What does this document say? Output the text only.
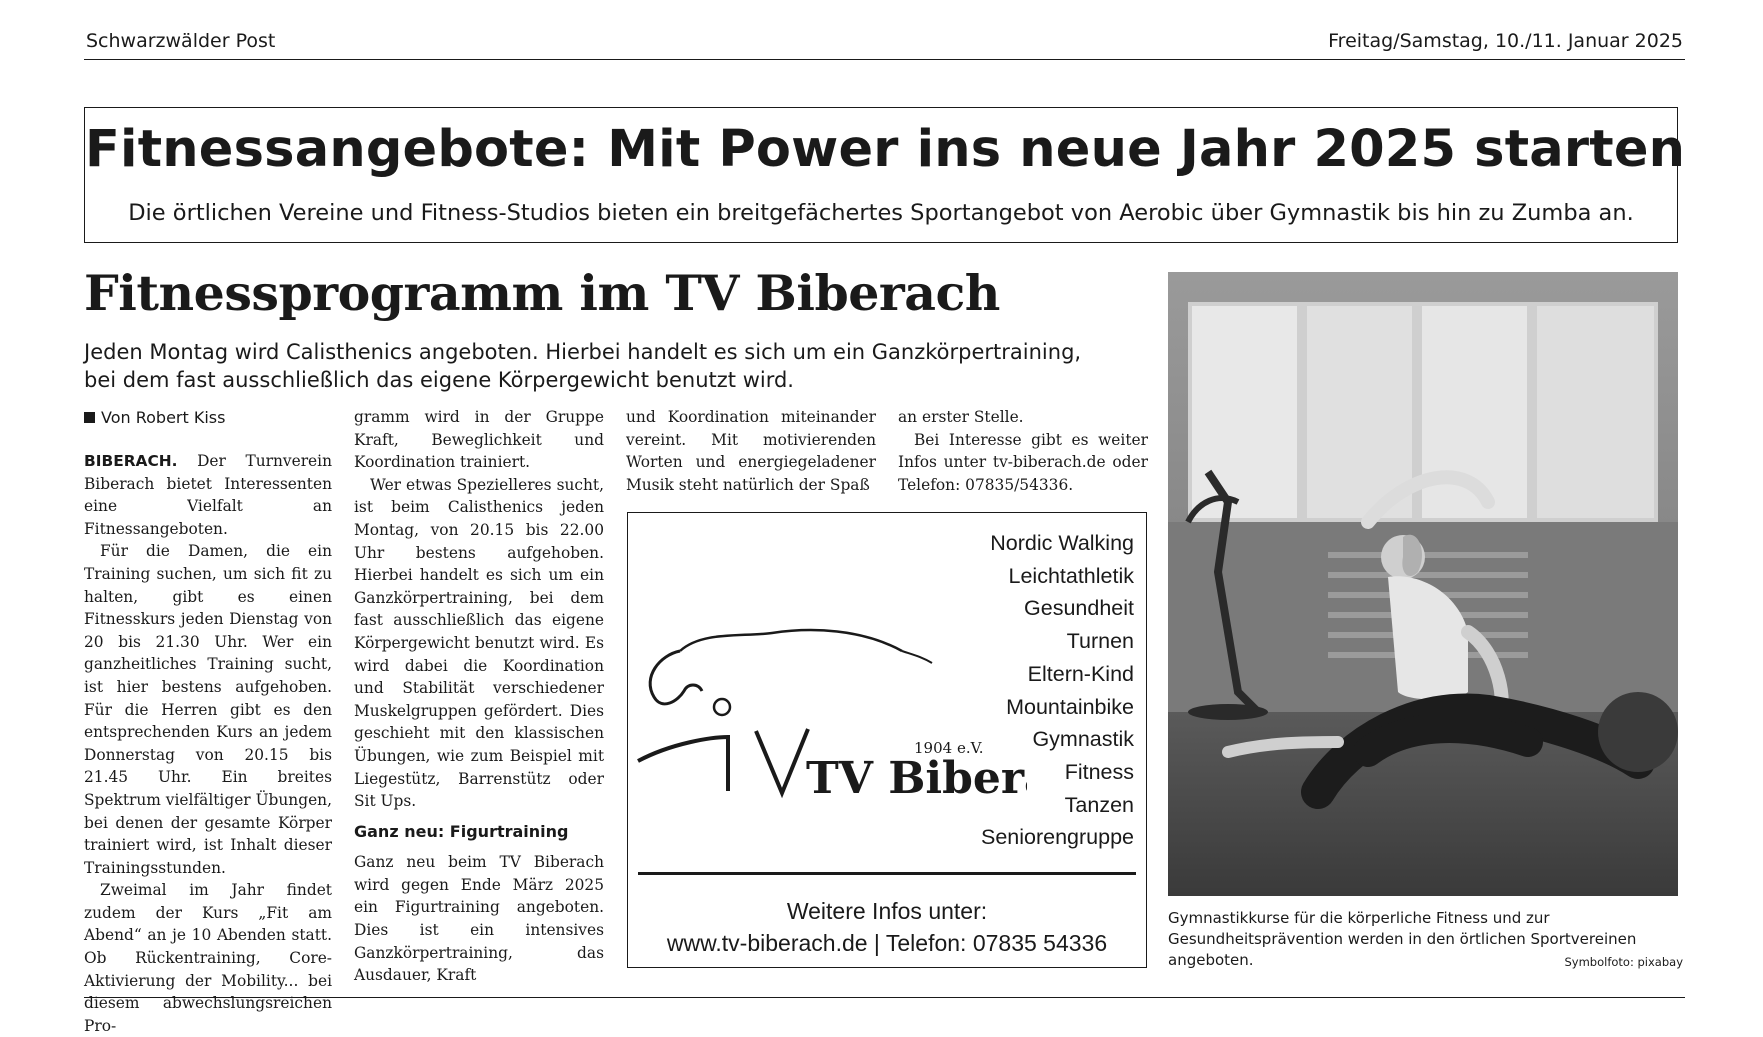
Schwarzwälder Post	Freitag/Samstag, 10./11. Januar 2025
Fitnessangebote: Mit Power ins neue Jahr 2025 starten
Die örtlichen Vereine und Fitness-Studios bieten ein breitgefächertes Sportangebot von Aerobic über Gymnastik bis hin zu Zumba an.
Fitnessprogramm im TV Biberach
Jeden Montag wird Calisthenics angeboten. Hierbei handelt es sich um ein Ganzkörpertraining, bei dem fast ausschließlich das eigene Körpergewicht benutzt wird.
Von Robert Kiss

BIBERACH. Der Turnverein Biberach bietet Interessenten eine Vielfalt an Fitnessangeboten.

Für die Damen, die ein Training suchen, um sich fit zu halten, gibt es einen Fitnesskurs jeden Dienstag von 20 bis 21.30 Uhr. Wer ein ganzheitliches Training sucht, ist hier bestens aufgehoben. Für die Herren gibt es den entsprechenden Kurs an jedem Donnerstag von 20.15 bis 21.45 Uhr. Ein breites Spektrum vielfältiger Übungen, bei denen der gesamte Körper trainiert wird, ist Inhalt dieser Trainingsstunden.

Zweimal im Jahr findet zudem der Kurs „Fit am Abend“ an je 10 Abenden statt. Ob Rückentraining, Core-Aktivierung der Mobility... bei diesem abwechslungsreichen Pro-

gramm wird in der Gruppe Kraft, Beweglichkeit und Koordination trainiert.

Wer etwas Spezielleres sucht, ist beim Calisthenics jeden Montag, von 20.15 bis 22.00 Uhr bestens aufgehoben. Hierbei handelt es sich um ein Ganzkörpertraining, bei dem fast ausschließlich das eigene Körpergewicht benutzt wird. Es wird dabei die Koordination und Stabilität verschiedener Muskelgruppen gefördert. Dies geschieht mit den klassischen Übungen, wie zum Beispiel mit Liegestütz, Barrenstütz oder Sit Ups.

Ganz neu: Figurtraining

Ganz neu beim TV Biberach wird gegen Ende März 2025 ein Figurtraining angeboten. Dies ist ein intensives Ganzkörpertraining, das Ausdauer, Kraft

und Koordination miteinander vereint. Mit motivierenden Worten und energiegeladener Musik steht natürlich der Spaß

an erster Stelle.

Bei Interesse gibt es weiter Infos unter tv-biberach.de oder Telefon: 07835/54336.

TV Biber
1904 e.V.
Nordic Walking
Leichtathletik
Gesundheit
Turnen
Eltern-Kind
Mountainbike
Gymnastik
Fitness
Tanzen
Seniorengruppe
Weitere Infos unter:
www.tv-biberach.de | Telefon: 07835 54336
Gymnastikkurse für die körperliche Fitness und zur Gesundheitsprävention werden in den örtlichen Sportvereinen angeboten.	Symbolfoto: pixabay
